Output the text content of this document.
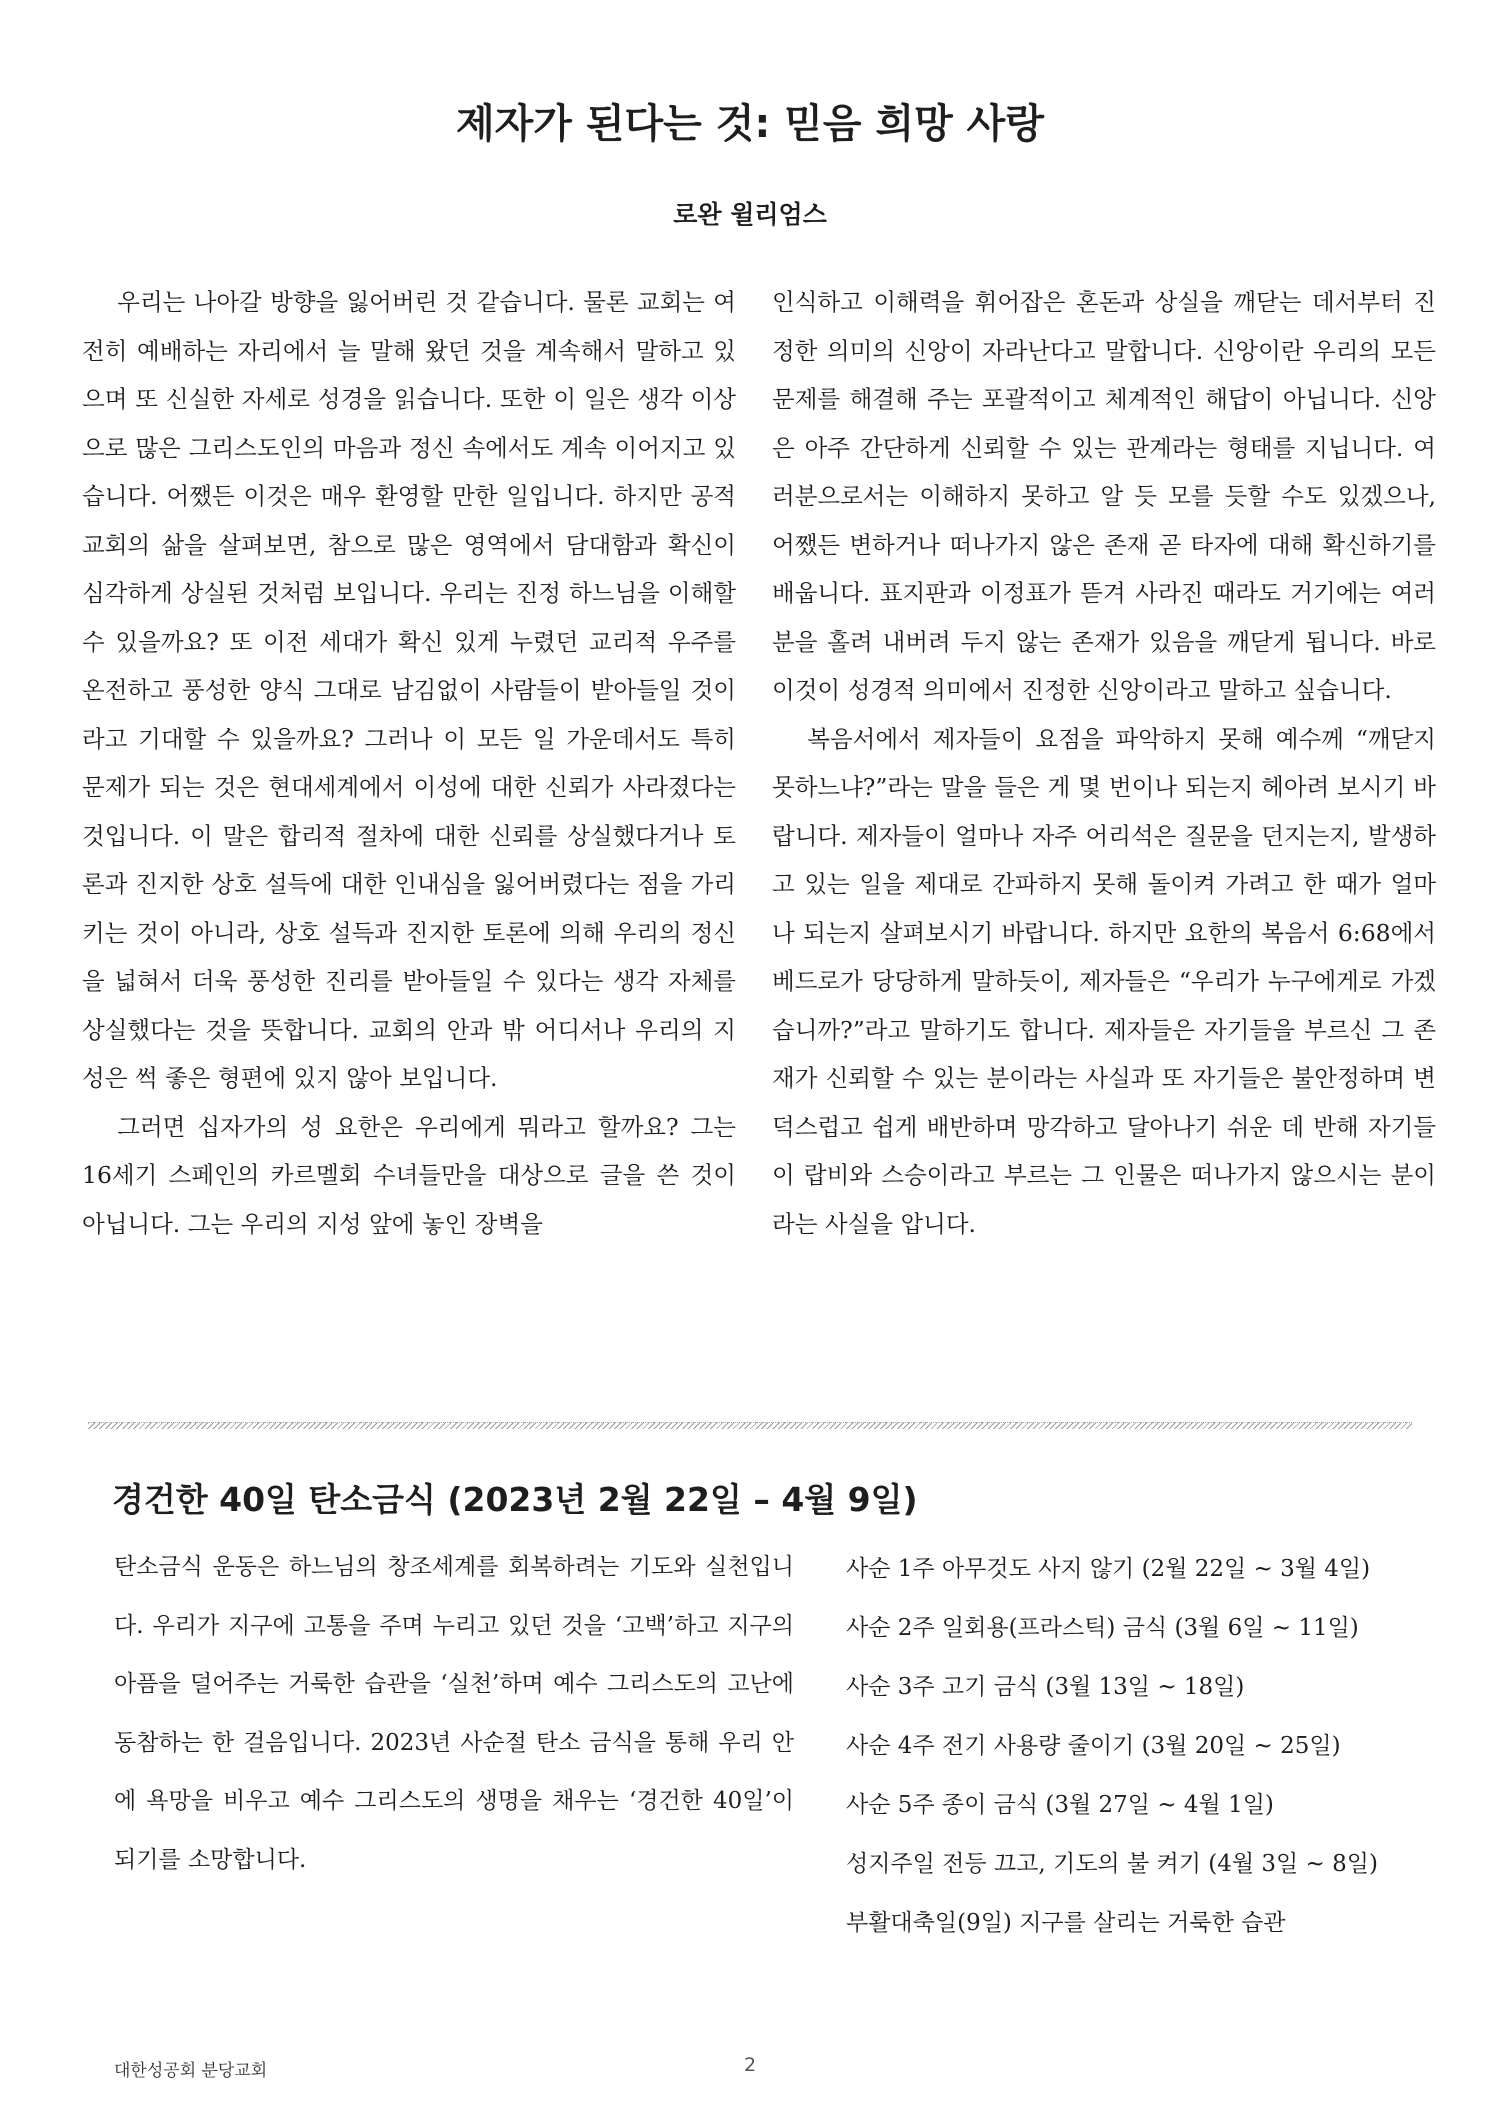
제자가 된다는 것: 믿음 희망 사랑
로완 윌리엄스

우리는 나아갈 방향을 잃어버린 것 같습니다. 물론 교회는 여전히 예배하는 자리에서 늘 말해 왔던 것을 계속해서 말하고 있으며 또 신실한 자세로 성경을 읽습니다. 또한 이 일은 생각 이상으로 많은 그리스도인의 마음과 정신 속에서도 계속 이어지고 있습니다. 어쨌든 이것은 매우 환영할 만한 일입니다. 하지만 공적 교회의 삶을 살펴보면, 참으로 많은 영역에서 담대함과 확신이 심각하게 상실된 것처럼 보입니다. 우리는 진정 하느님을 이해할 수 있을까요? 또 이전 세대가 확신 있게 누렸던 교리적 우주를 온전하고 풍성한 양식 그대로 남김없이 사람들이 받아들일 것이라고 기대할 수 있을까요? 그러나 이 모든 일 가운데서도 특히 문제가 되는 것은 현대세계에서 이성에 대한 신뢰가 사라졌다는 것입니다. 이 말은 합리적 절차에 대한 신뢰를 상실했다거나 토론과 진지한 상호 설득에 대한 인내심을 잃어버렸다는 점을 가리키는 것이 아니라, 상호 설득과 진지한 토론에 의해 우리의 정신을 넓혀서 더욱 풍성한 진리를 받아들일 수 있다는 생각 자체를 상실했다는 것을 뜻합니다. 교회의 안과 밖 어디서나 우리의 지성은 썩 좋은 형편에 있지 않아 보입니다.

그러면 십자가의 성 요한은 우리에게 뭐라고 할까요? 그는 16세기 스페인의 카르멜회 수녀들만을 대상으로 글을 쓴 것이 아닙니다. 그는 우리의 지성 앞에 놓인 장벽을

인식하고 이해력을 휘어잡은 혼돈과 상실을 깨닫는 데서부터 진정한 의미의 신앙이 자라난다고 말합니다. 신앙이란 우리의 모든 문제를 해결해 주는 포괄적이고 체계적인 해답이 아닙니다. 신앙은 아주 간단하게 신뢰할 수 있는 관계라는 형태를 지닙니다. 여러분으로서는 이해하지 못하고 알 듯 모를 듯할 수도 있겠으나, 어쨌든 변하거나 떠나가지 않은 존재 곧 타자에 대해 확신하기를 배웁니다. 표지판과 이정표가 뜯겨 사라진 때라도 거기에는 여러분을 홀려 내버려 두지 않는 존재가 있음을 깨닫게 됩니다. 바로 이것이 성경적 의미에서 진정한 신앙이라고 말하고 싶습니다.

복음서에서 제자들이 요점을 파악하지 못해 예수께 “깨닫지 못하느냐?”라는 말을 들은 게 몇 번이나 되는지 헤아려 보시기 바랍니다. 제자들이 얼마나 자주 어리석은 질문을 던지는지, 발생하고 있는 일을 제대로 간파하지 못해 돌이켜 가려고 한 때가 얼마나 되는지 살펴보시기 바랍니다. 하지만 요한의 복음서 6:68에서 베드로가 당당하게 말하듯이, 제자들은 “우리가 누구에게로 가겠습니까?”라고 말하기도 합니다. 제자들은 자기들을 부르신 그 존재가 신뢰할 수 있는 분이라는 사실과 또 자기들은 불안정하며 변덕스럽고 쉽게 배반하며 망각하고 달아나기 쉬운 데 반해 자기들이 랍비와 스승이라고 부르는 그 인물은 떠나가지 않으시는 분이라는 사실을 압니다.

경건한 40일 탄소금식 (2023년 2월 22일 – 4월 9일)

탄소금식 운동은 하느님의 창조세계를 회복하려는 기도와 실천입니다. 우리가 지구에 고통을 주며 누리고 있던 것을 ‘고백’하고 지구의 아픔을 덜어주는 거룩한 습관을 ‘실천’하며 예수 그리스도의 고난에 동참하는 한 걸음입니다. 2023년 사순절 탄소 금식을 통해 우리 안에 욕망을 비우고 예수 그리스도의 생명을 채우는 ‘경건한 40일’이 되기를 소망합니다.

사순 1주 아무것도 사지 않기 (2월 22일 ~ 3월 4일)
사순 2주 일회용(프라스틱) 금식 (3월 6일 ~ 11일)
사순 3주 고기 금식 (3월 13일 ~ 18일)
사순 4주 전기 사용량 줄이기 (3월 20일 ~ 25일)
사순 5주 종이 금식 (3월 27일 ~ 4월 1일)
성지주일 전등 끄고, 기도의 불 켜기 (4월 3일 ~ 8일)
부활대축일(9일) 지구를 살리는 거룩한 습관
대한성공회 분당교회	2
